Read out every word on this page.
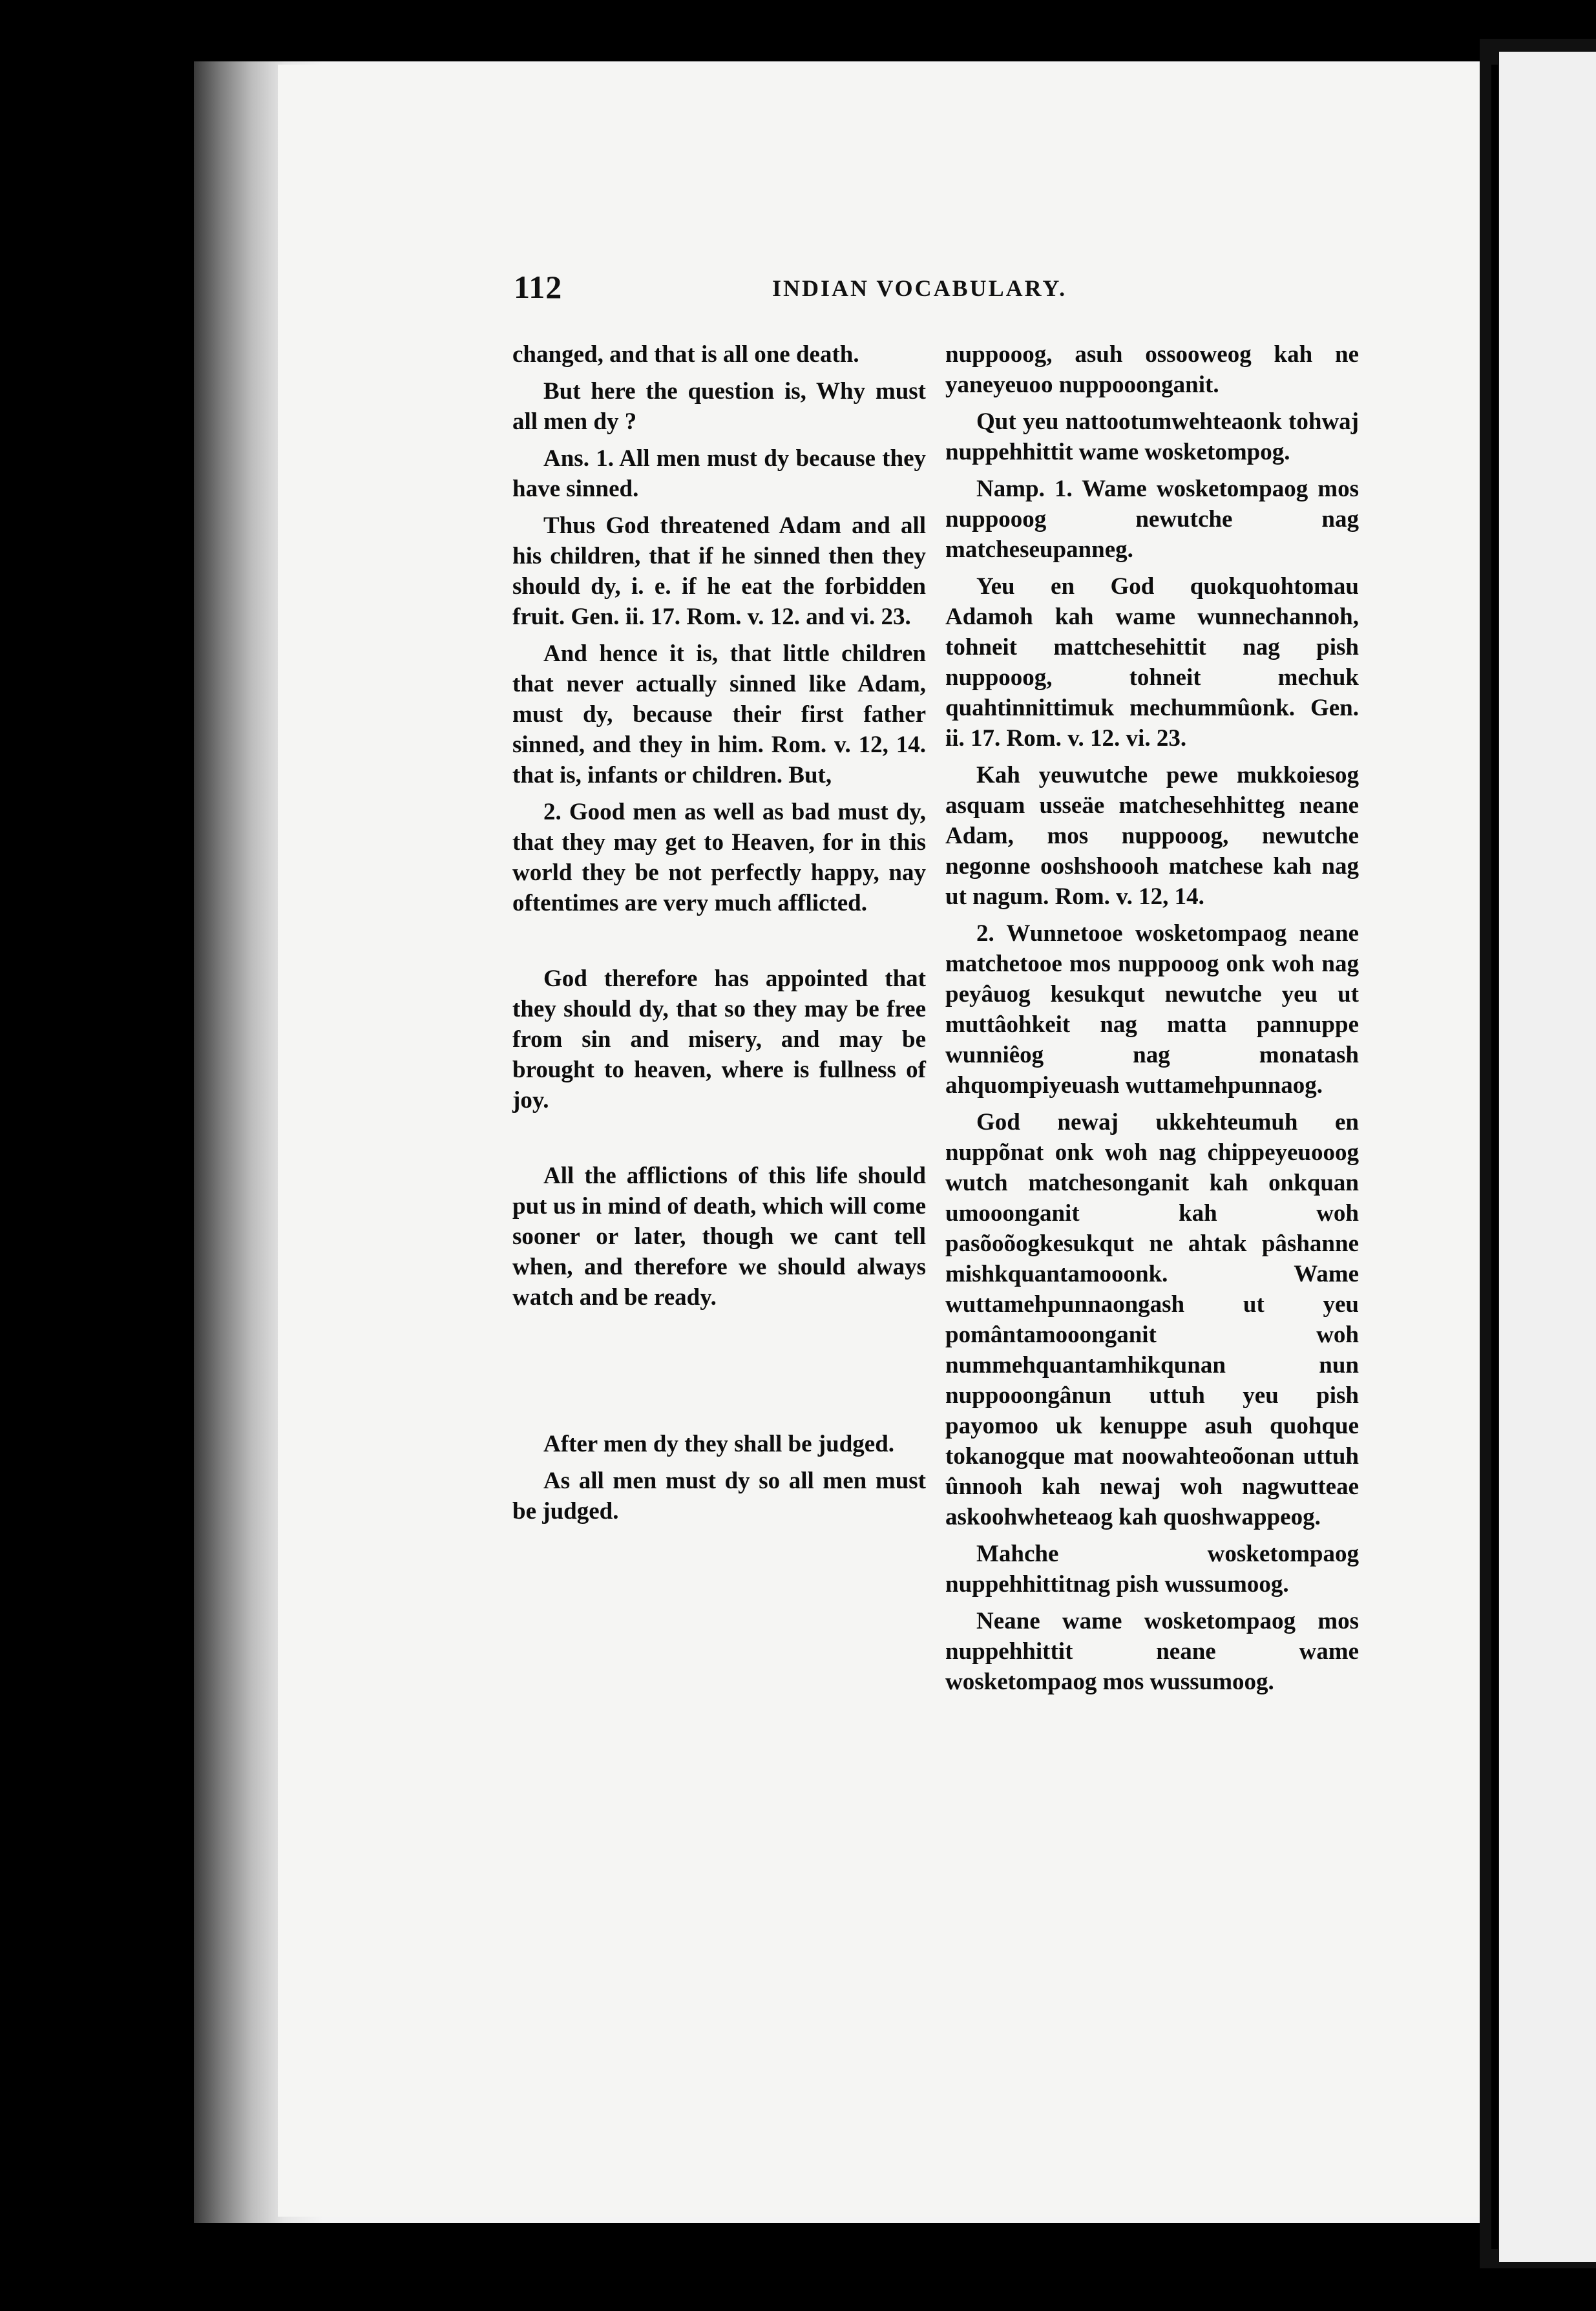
112	INDIAN VOCABULARY.

changed, and that is all one death.

But here the question is, Why must all men dy ?

Ans. 1. All men must dy because they have sinned.

Thus God threatened Adam and all his children, that if he sinned then they should dy, i. e. if he eat the forbidden fruit. Gen. ii. 17. Rom. v. 12. and vi. 23.

And hence it is, that little children that never actually sinned like Adam, must dy, because their first father sinned, and they in him. Rom. v. 12, 14. that is, infants or children. But,

2. Good men as well as bad must dy, that they may get to Heaven, for in this world they be not perfectly happy, nay oftentimes are very much afflicted.

God therefore has appointed that they should dy, that so they may be free from sin and misery, and may be brought to heaven, where is fullness of joy.

All the afflictions of this life should put us in mind of death, which will come sooner or later, though we cant tell when, and therefore we should always watch and be ready.

After men dy they shall be judged.

As all men must dy so all men must be judged.

nuppooog, asuh ossooweog kah ne yaneyeuoo nuppooonganit.

Qut yeu nattootumwehteaonk tohwaj nuppehhittit wame wosketompog.

Namp. 1. Wame wosketompaog mos nuppooog newutche nag matcheseupanneg.

Yeu en God quokquohtomau Adamoh kah wame wunnechannoh, tohneit mattchesehittit nag pish nuppooog, tohneit mechuk quahtinnittimuk mechummûonk. Gen. ii. 17. Rom. v. 12. vi. 23.

Kah yeuwutche pewe mukkoiesog asquam usseäe matchesehhitteg neane Adam, mos nuppooog, newutche negonne ooshshoooh matchese kah nag ut nagum. Rom. v. 12, 14.

2. Wunnetooe wosketompaog neane matchetooe mos nuppooog onk woh nag peyâuog kesukqut newutche yeu ut muttâohkeit nag matta pannuppe wunniêog nag monatash ahquompiyeuash wuttamehpunnaog.

God newaj ukkehteumuh en nuppõnat onk woh nag chippeyeuooog wutch matchesonganit kah onkquan umooonganit kah woh pasõoõogkesukqut ne ahtak pâshanne mishkquantamooonk. Wame wuttamehpunnaongash ut yeu pomântamooonganit woh nummehquantamhikqunan nun nuppooongânun uttuh yeu pish payomoo uk kenuppe asuh quohque tokanogque mat noowahteoõonan uttuh ûnnooh kah newaj woh nagwutteae askoohwheteaog kah quoshwappeog.

Mahche wosketompaog nuppehhittitnag pish wussumoog.

Neane wame wosketompaog mos nuppehhittit neane wame wosketompaog mos wussumoog.
